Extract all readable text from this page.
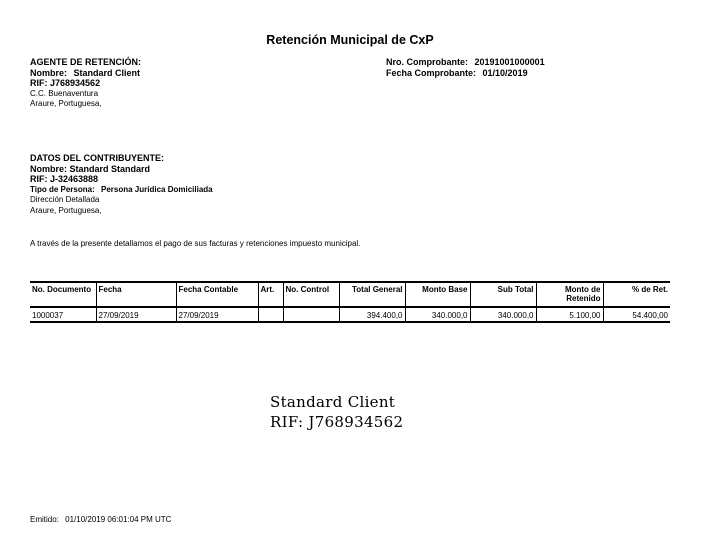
Retención Municipal de CxP
AGENTE DE RETENCIÓN:
Nombre: Standard Client
RIF: J768934562
C.C. Buenaventura
Araure, Portuguesa,
Nro. Comprobante: 20191001000001
Fecha Comprobante: 01/10/2019
DATOS DEL CONTRIBUYENTE:
Nombre: Standard Standard
RIF: J-32463888
Tipo de Persona: Persona Jurídica Domiciliada
Dirección Detallada
Araure, Portuguesa,
A través de la presente detallamos el pago de sus facturas y retenciones impuesto municipal.
No. Documento	Fecha	Fecha Contable	Art.	No. Control	Total General	Monto Base	Sub Total	Monto de Retenido	% de Ret.

1000037	27/09/2019	27/09/2019			394.400,0	340.000,0	340.000,0	5.100,00	54.400,00
Standard Client
RIF: J768934562
Emitido: 01/10/2019 06:01:04 PM UTC
